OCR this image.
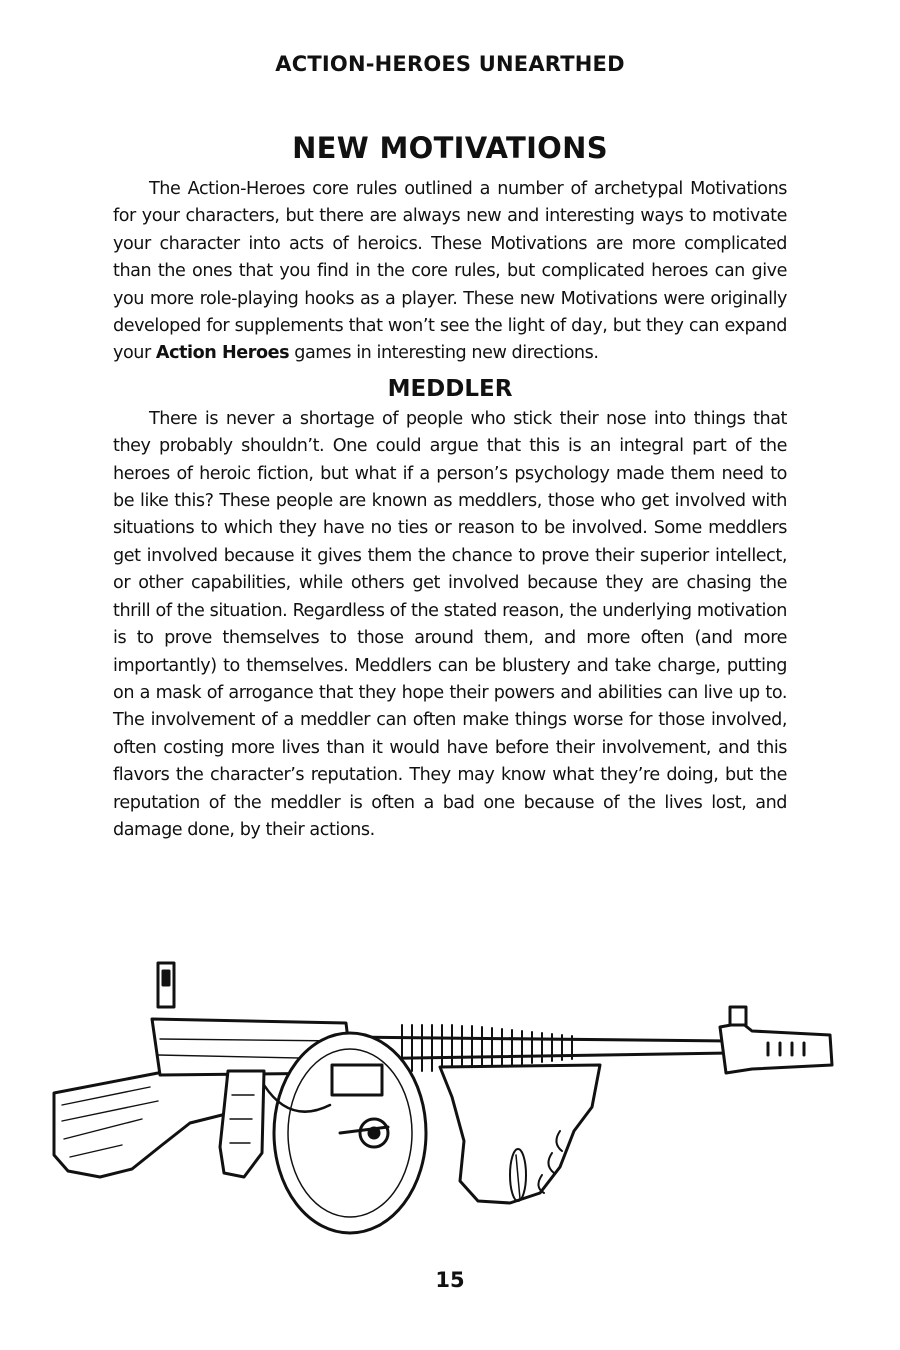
ACTION-HEROES UNEARTHED
NEW MOTIVATIONS

The Action-Heroes core rules outlined a number of archetypal Motivations for your characters, but there are always new and interesting ways to motivate your character into acts of heroics. These Motivations are more complicated than the ones that you find in the core rules, but complicated heroes can give you more role-playing hooks as a player. These new Motivations were originally developed for supplements that won’t see the light of day, but they can expand your Action Heroes games in interesting new directions.

MEDDLER

There is never a shortage of people who stick their nose into things that they probably shouldn’t. One could argue that this is an integral part of the heroes of heroic fiction, but what if a person’s psychology made them need to be like this? These people are known as meddlers, those who get involved with situations to which they have no ties or reason to be involved. Some meddlers get involved because it gives them the chance to prove their superior intellect, or other capabilities, while others get involved because they are chasing the thrill of the situation. Regardless of the stated reason, the underlying motivation is to prove themselves to those around them, and more often (and more importantly) to themselves. Meddlers can be blustery and take charge, putting on a mask of arrogance that they hope their powers and abilities can live up to. The involvement of a meddler can often make things worse for those involved, often costing more lives than it would have before their involvement, and this flavors the character’s reputation. They may know what they’re doing, but the reputation of the meddler is often a bad one because of the lives lost, and damage done, by their actions.

15
